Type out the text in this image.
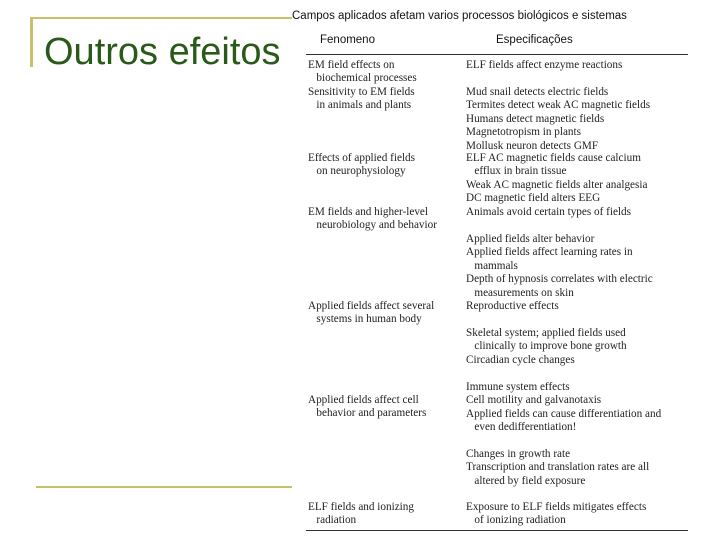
Outros efeitos
Campos aplicados afetam varios processos biológicos e sistemas
Fenomeno	Especificações
EM field effects on
biochemical processes
Sensitivity to EM fields
in animals and plants
Effects of applied fields
on neurophysiology
EM fields and higher-level
neurobiology and behavior
Applied fields affect several
systems in human body
Applied fields affect cell
behavior and parameters
ELF fields and ionizing
radiation
ELF fields affect enzyme reactions
Mud snail detects electric fields
Termites detect weak AC magnetic fields
Humans detect magnetic fields
Magnetotropism in plants
Mollusk neuron detects GMF
ELF AC magnetic fields cause calcium
efflux in brain tissue
Weak AC magnetic fields alter analgesia
DC magnetic field alters EEG
Animals avoid certain types of fields
Applied fields alter behavior
Applied fields affect learning rates in
mammals
Depth of hypnosis correlates with electric
measurements on skin
Reproductive effects
Skeletal system; applied fields used
clinically to improve bone growth
Circadian cycle changes
Immune system effects
Cell motility and galvanotaxis
Applied fields can cause differentiation and
even dedifferentiation!
Changes in growth rate
Transcription and translation rates are all
altered by field exposure
Exposure to ELF fields mitigates effects
of ionizing radiation
